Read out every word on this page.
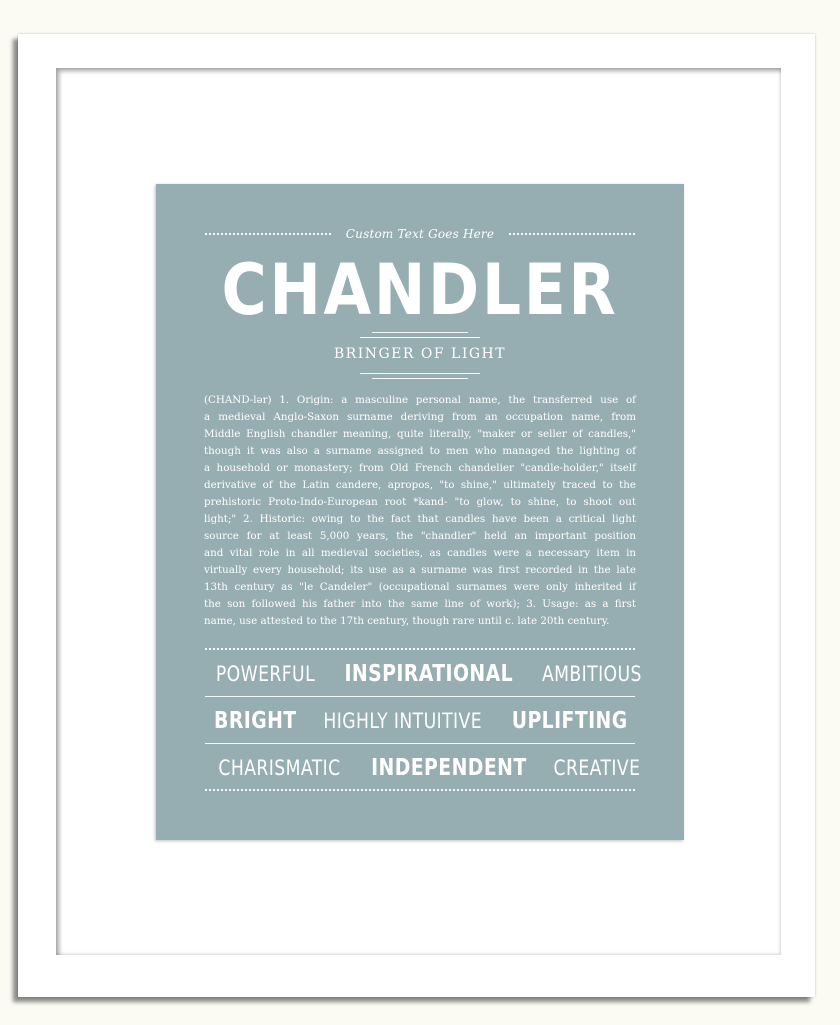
Custom Text Goes Here
CHANDLER
BRINGER OF LIGHT
(CHAND-lər) 1. Origin: a masculine personal name, the transferred use of
a medieval Anglo-Saxon surname deriving from an occupation name, from
Middle English chandler meaning, quite literally, "maker or seller of candles,"
though it was also a surname assigned to men who managed the lighting of
a household or monastery; from Old French chandelier "candle-holder," itself
derivative of the Latin candere, apropos, "to shine," ultimately traced to the
prehistoric Proto-Indo-European root *kand- "to glow, to shine, to shoot out
light;" 2. Historic: owing to the fact that candles have been a critical light
source for at least 5,000 years, the "chandler" held an important position
and vital role in all medieval societies, as candles were a necessary item in
virtually every household; its use as a surname was first recorded in the late
13th century as "le Candeler" (occupational surnames were only inherited if
the son followed his father into the same line of work); 3. Usage: as a first
name, use attested to the 17th century, though rare until c. late 20th century.
POWERFUL INSPIRATIONAL AMBITIOUS
BRIGHT HIGHLY INTUITIVE UPLIFTING
CHARISMATIC INDEPENDENT CREATIVE
